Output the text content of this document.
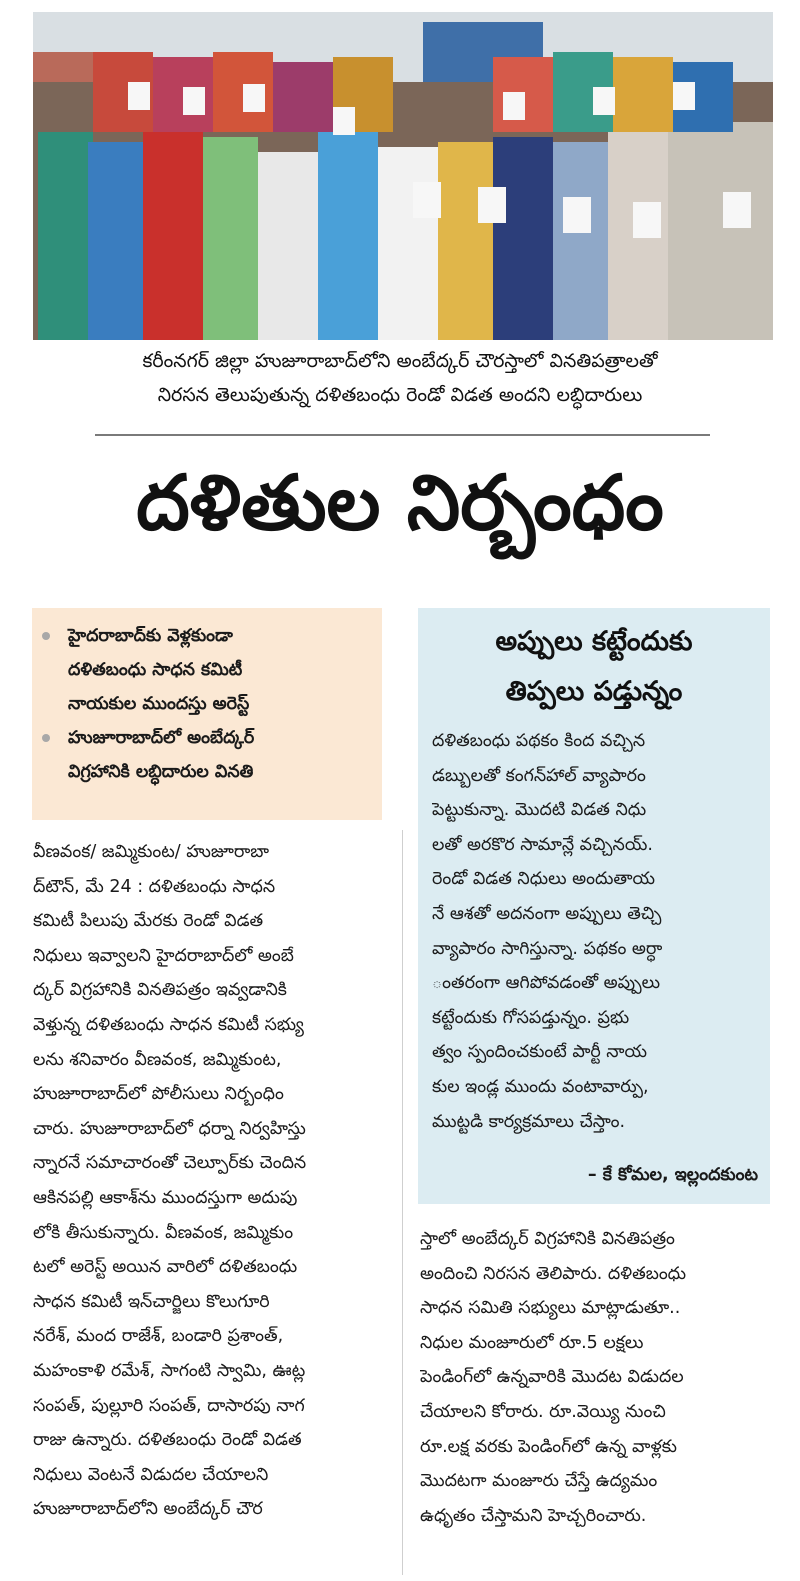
కరీంనగర్ జిల్లా హుజూరాబాద్‌లోని అంబేద్కర్ చౌరస్తాలో వినతిపత్రాలతో
నిరసన తెలుపుతున్న దళితబంధు రెండో విడత అందని లబ్ధిదారులు
దళితుల నిర్బంధం
హైదరాబాద్‌కు వెళ్లకుండా
దళితబంధు సాధన కమిటీ
నాయకుల ముందస్తు అరెస్ట్
హుజూరాబాద్‌లో అంబేద్కర్
విగ్రహానికి లబ్ధిదారుల వినతి
వీణవంక/ జమ్మికుంట/ హుజూరాబా
ద్‌టౌన్, మే 24 : దళితబంధు సాధన
కమిటీ పిలుపు మేరకు రెండో విడత
నిధులు ఇవ్వాలని హైదరాబాద్‌లో అంబే
ద్కర్ విగ్రహానికి వినతిపత్రం ఇవ్వడానికి
వెళ్తున్న దళితబంధు సాధన కమిటీ సభ్యు
లను శనివారం వీణవంక, జమ్మికుంట,
హుజూరాబాద్‌లో పోలీసులు నిర్బంధిం
చారు. హుజూరాబాద్‌లో ధర్నా నిర్వహిస్తు
న్నారనే సమాచారంతో చెల్పూర్‌కు చెందిన
ఆకినపల్లి ఆకాశ్‌ను ముందస్తుగా అదుపు
లోకి తీసుకున్నారు. వీణవంక, జమ్మికుం
టలో అరెస్ట్ అయిన వారిలో దళితబంధు
సాధన కమిటీ ఇన్‌చార్జిలు కొలుగూరి
నరేశ్, మంద రాజేశ్, బండారి ప్రశాంత్,
మహంకాళి రమేశ్, సాగంటి స్వామి, ఊట్ల
సంపత్, పుల్లూరి సంపత్, దాసారపు నాగ
రాజు ఉన్నారు. దళితబంధు రెండో విడత
నిధులు వెంటనే విడుదల చేయాలని
హుజూరాబాద్‌లోని అంబేద్కర్ చౌర
అప్పులు కట్టేందుకు
తిప్పలు పడ్తున్నం
దళితబంధు పథకం కింద వచ్చిన
డబ్బులతో కంగన్‌హాల్ వ్యాపారం
పెట్టుకున్నా. మొదటి విడత నిధు
లతో అరకొర సామాన్లే వచ్చినయ్.
రెండో విడత నిధులు అందుతాయ
నే ఆశతో అదనంగా అప్పులు తెచ్చి
వ్యాపారం సాగిస్తున్నా. పథకం అర్ధా
ంతరంగా ఆగిపోవడంతో అప్పులు
కట్టేందుకు గోసపడ్తున్నం. ప్రభు
త్వం స్పందించకుంటే పార్టీ నాయ
కుల ఇండ్ల ముందు వంటావార్పు,
ముట్టడి కార్యక్రమాలు చేస్తాం.
– కే కోమల, ఇల్లందకుంట
స్తాలో అంబేద్కర్ విగ్రహానికి వినతిపత్రం
అందించి నిరసన తెలిపారు. దళితబంధు
సాధన సమితి సభ్యులు మాట్లాడుతూ..
నిధుల మంజూరులో రూ.5 లక్షలు
పెండింగ్‌లో ఉన్నవారికి మొదట విడుదల
చేయాలని కోరారు. రూ.వెయ్యి నుంచి
రూ.లక్ష వరకు పెండింగ్‌లో ఉన్న వాళ్లకు
మొదటగా మంజూరు చేస్తే ఉద్యమం
ఉధృతం చేస్తామని హెచ్చరించారు.
